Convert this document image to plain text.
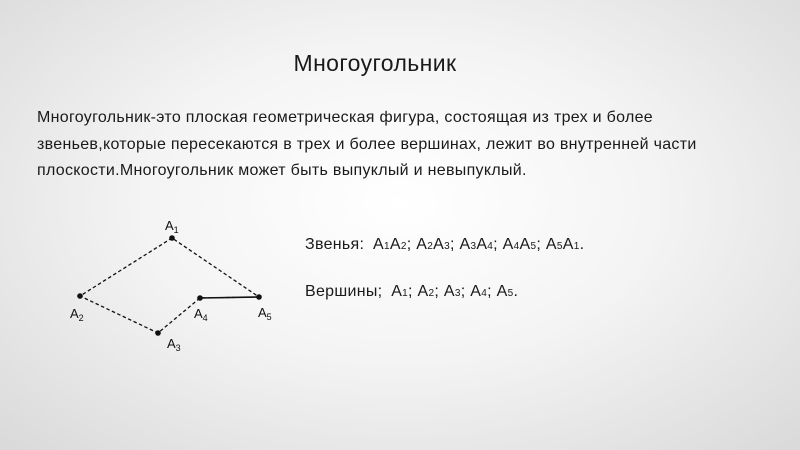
Многоугольник
Многоугольник-это плоская геометрическая фигура, состоящая из трех и более звеньев,которые пересекаются в трех и более вершинах, лежит во внутренней части плоскости.Многоугольник может быть выпуклый и невыпуклый.
$A_1$
$A_2$
$A_3$
$A_4$	$A_5$
Звенья: А1А2; А2А3; А3А4; А4А5; А5А1.
Вершины; А1; А2; А3; А4; А5.
